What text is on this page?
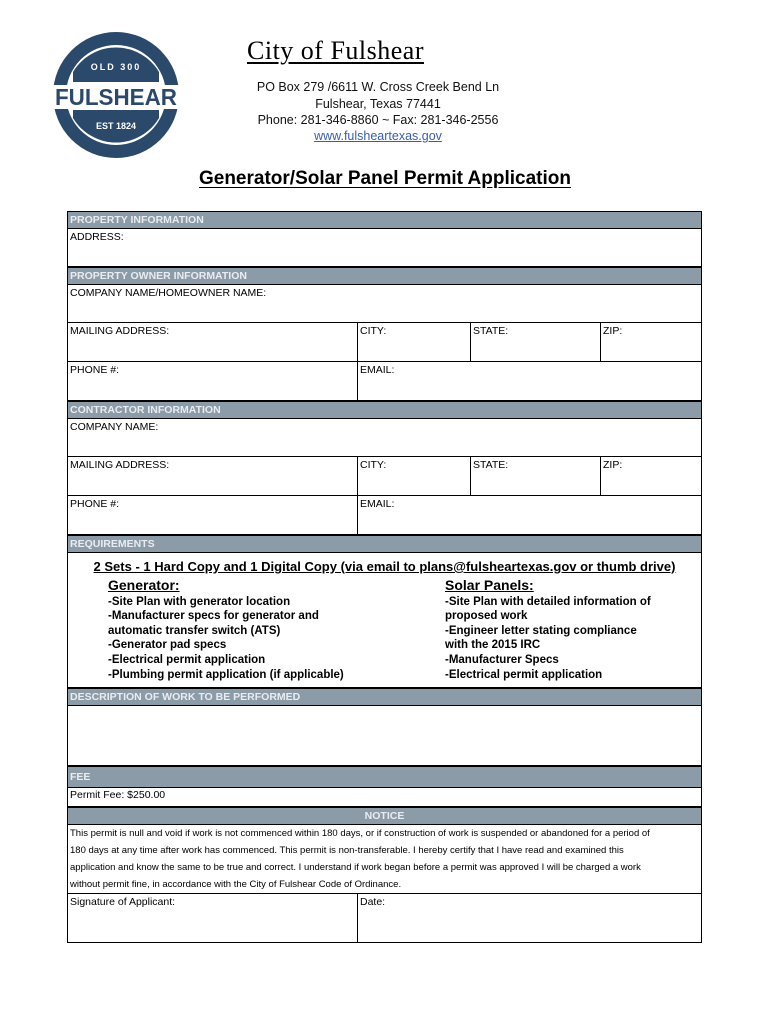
OLD 300
FULSHEAR
EST 1824
City of Fulshear
PO Box 279 /6611 W. Cross Creek Bend Ln
Fulshear, Texas 77441
Phone: 281-346-8860 ~ Fax: 281-346-2556
www.fulsheartexas.gov
Generator/Solar Panel Permit Application
PROPERTY INFORMATION
ADDRESS:
PROPERTY OWNER INFORMATION
COMPANY NAME/HOMEOWNER NAME:
MAILING ADDRESS:	CITY:	STATE:	ZIP:
PHONE #:	EMAIL:
CONTRACTOR INFORMATION
COMPANY NAME:
MAILING ADDRESS:	CITY:	STATE:	ZIP:
PHONE #:	EMAIL:
REQUIREMENTS
2 Sets - 1 Hard Copy and 1 Digital Copy (via email to plans@fulsheartexas.gov or thumb drive)
Generator:
-Site Plan with generator location
-Manufacturer specs for generator and
automatic transfer switch (ATS)
-Generator pad specs
-Electrical permit application
-Plumbing permit application (if applicable)
Solar Panels:
-Site Plan with detailed information of
proposed work
-Engineer letter stating compliance
with the 2015 IRC
-Manufacturer Specs
-Electrical permit application
DESCRIPTION OF WORK TO BE PERFORMED
FEE
Permit Fee: $250.00
NOTICE
This permit is null and void if work is not commenced within 180 days, or if construction of work is suspended or abandoned for a period of
180 days at any time after work has commenced. This permit is non-transferable. I hereby certify that I have read and examined this
application and know the same to be true and correct. I understand if work began before a permit was approved I will be charged a work
without permit fine, in accordance with the City of Fulshear Code of Ordinance.
Signature of Applicant:	Date:
